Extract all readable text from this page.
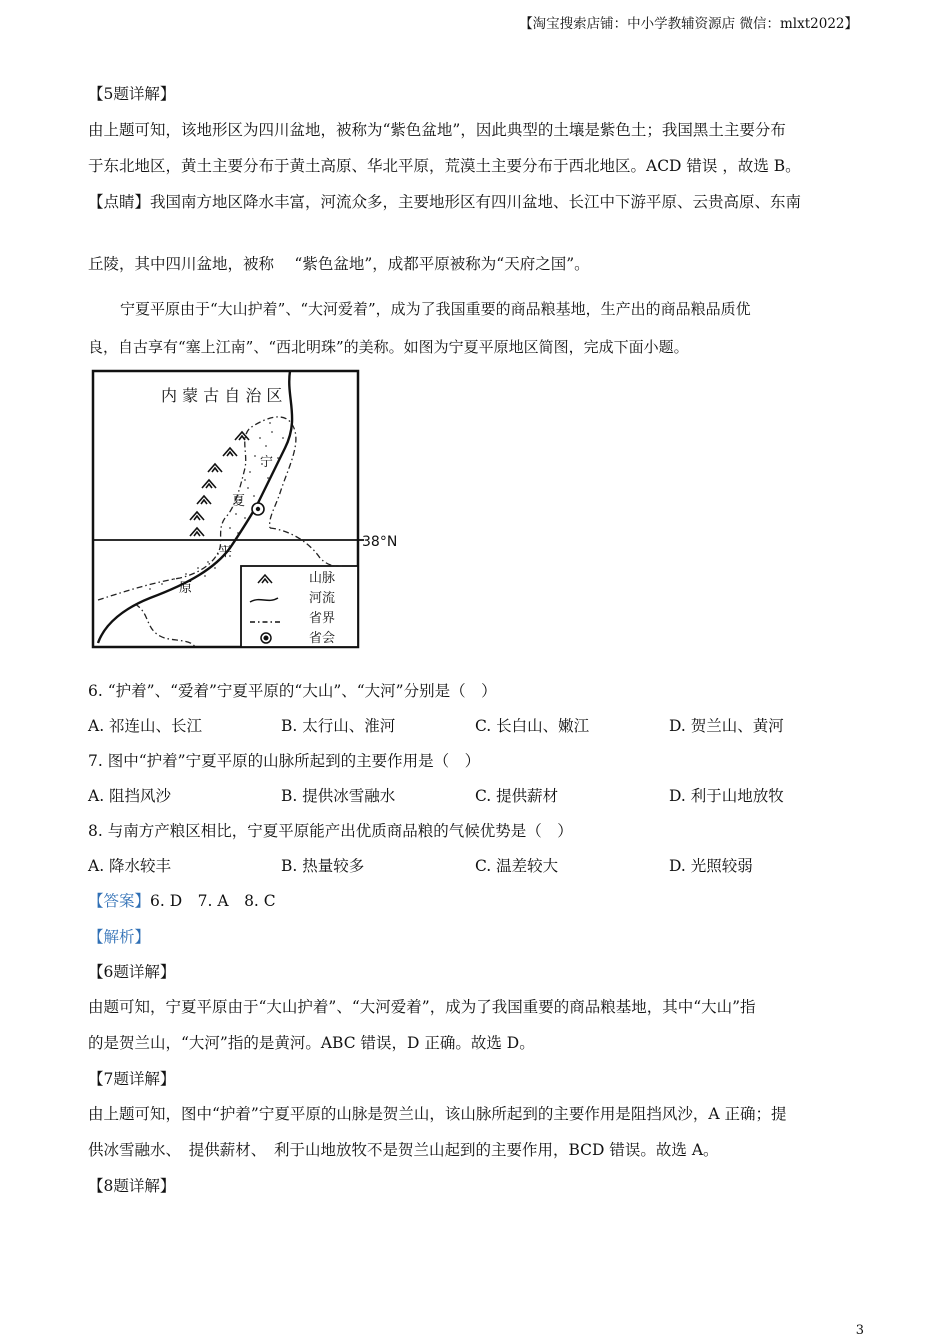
【淘宝搜索店铺：中小学教辅资源店 微信：mlxt2022】
【5题详解】
由上题可知，该地形区为四川盆地，被称为“紫色盆地”，因此典型的土壤是紫色土；我国黑土主要分布
于东北地区，黄土主要分布于黄土高原、华北平原，荒漠土主要分布于西北地区。ACD 错误 ，故选 B。
【点睛】我国南方地区降水丰富，河流众多，主要地形区有四川盆地、长江中下游平原、云贵高原、东南
丘陵，其中四川盆地，被称　 “紫色盆地”，成都平原被称为“天府之国”。
宁夏平原由于“大山护着”、“大河爱着”，成为了我国重要的商品粮基地，生产出的商品粮品质优
良，自古享有“塞上江南”、“西北明珠”的美称。如图为宁夏平原地区简图，完成下面小题。
内 蒙 古 自 治 区
宁
夏
平
原
38°N
山脉
河流
省界
省会
6. “护着”、“爱着”宁夏平原的“大山”、“大河”分别是（　）
A. 祁连山、长江	B. 太行山、淮河	C. 长白山、嫩江	D. 贺兰山、黄河
7. 图中“护着”宁夏平原的山脉所起到的主要作用是（　）
A. 阻挡风沙	B. 提供冰雪融水	C. 提供薪材	D. 利于山地放牧
8. 与南方产粮区相比，宁夏平原能产出优质商品粮的气候优势是（　）
A. 降水较丰	B. 热量较多	C. 温差较大	D. 光照较弱
【答案】6. D　7. A　8. C
【解析】
【6题详解】
由题可知，宁夏平原由于“大山护着”、“大河爱着”，成为了我国重要的商品粮基地，其中“大山”指
的是贺兰山，“大河”指的是黄河。ABC 错误，D 正确。故选 D。
【7题详解】
由上题可知，图中“护着”宁夏平原的山脉是贺兰山，该山脉所起到的主要作用是阻挡风沙，A 正确；提
供冰雪融水、　提供薪材、　利于山地放牧不是贺兰山起到的主要作用，BCD 错误。故选 A。
【8题详解】
3
